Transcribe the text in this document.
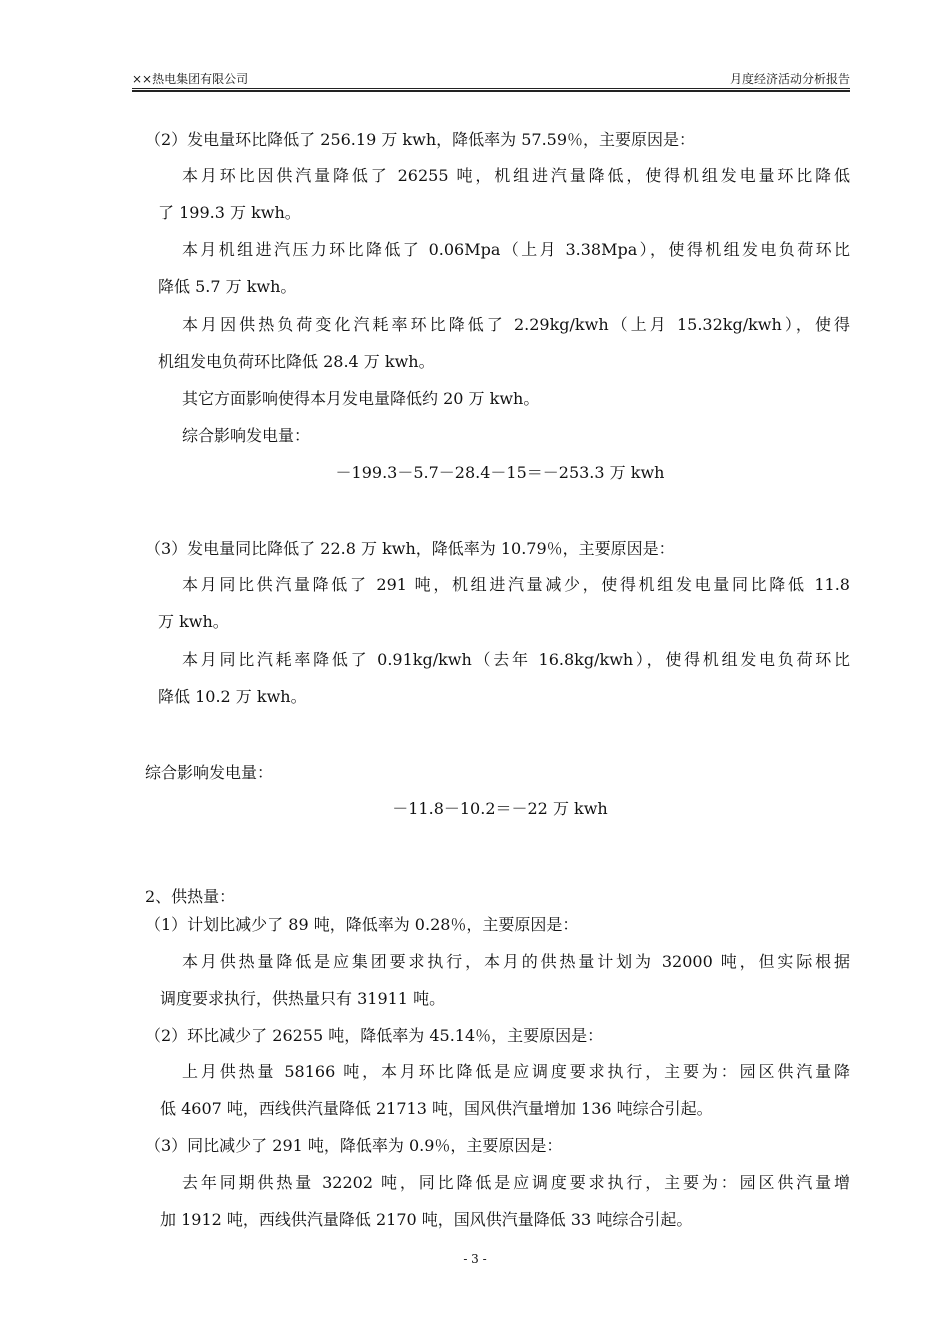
××热电集团有限公司	月度经济活动分析报告
（2）发电量环比降低了 256.19 万 kwh，降低率为 57.59％，主要原因是：
本月环比因供汽量降低了 26255 吨，机组进汽量降低，使得机组发电量环比降低
了 199.3 万 kwh。
本月机组进汽压力环比降低了 0.06Mpa（上月 3.38Mpa），使得机组发电负荷环比
降低 5.7 万 kwh。
本月因供热负荷变化汽耗率环比降低了 2.29kg/kwh（上月 15.32kg/kwh），使得
机组发电负荷环比降低 28.4 万 kwh。
其它方面影响使得本月发电量降低约 20 万 kwh。
综合影响发电量：
－199.3－5.7－28.4－15＝－253.3 万 kwh
（3）发电量同比降低了 22.8 万 kwh，降低率为 10.79％，主要原因是：
本月同比供汽量降低了 291 吨，机组进汽量减少，使得机组发电量同比降低 11.8
万 kwh。
本月同比汽耗率降低了 0.91kg/kwh（去年 16.8kg/kwh），使得机组发电负荷环比
降低 10.2 万 kwh。
综合影响发电量：
－11.8－10.2＝－22 万 kwh
2、供热量：
（1）计划比减少了 89 吨，降低率为 0.28％，主要原因是：
本月供热量降低是应集团要求执行，本月的供热量计划为 32000 吨，但实际根据
调度要求执行，供热量只有 31911 吨。
（2）环比减少了 26255 吨，降低率为 45.14％，主要原因是：
上月供热量 58166 吨，本月环比降低是应调度要求执行，主要为：园区供汽量降
低 4607 吨，西线供汽量降低 21713 吨，国风供汽量增加 136 吨综合引起。
（3）同比减少了 291 吨，降低率为 0.9％，主要原因是：
去年同期供热量 32202 吨，同比降低是应调度要求执行，主要为：园区供汽量增
加 1912 吨，西线供汽量降低 2170 吨，国风供汽量降低 33 吨综合引起。
- 3 -
